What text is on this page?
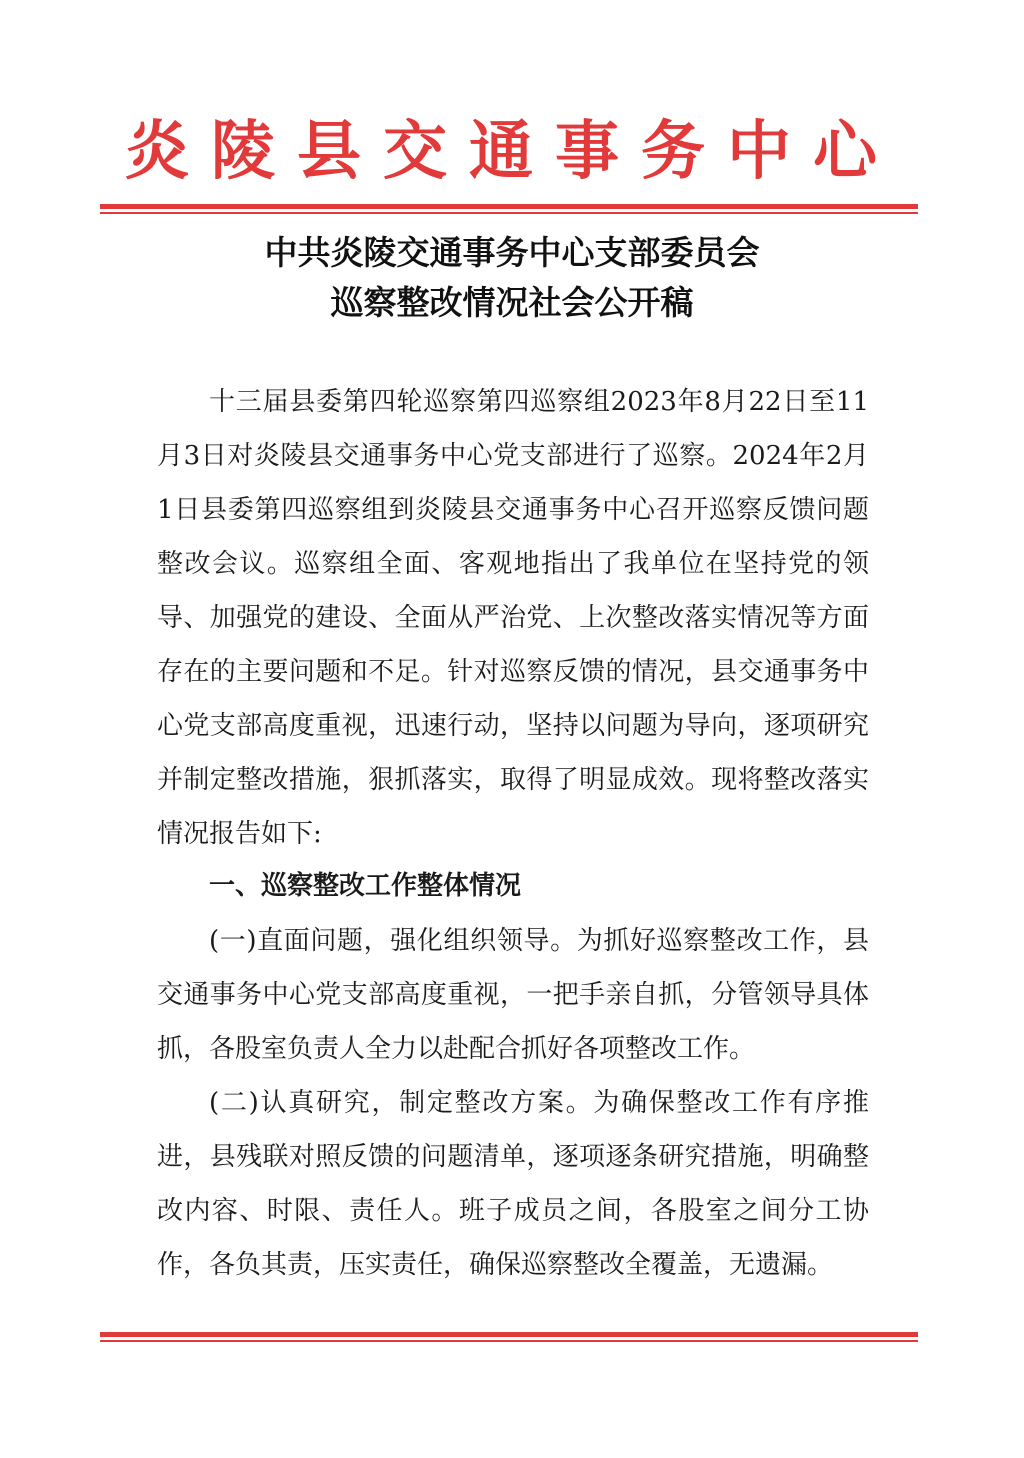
炎陵县交通事务中心
中共炎陵交通事务中心支部委员会
巡察整改情况社会公开稿

十三届县委第四轮巡察第四巡察组2023年8月22日至11月3日对炎陵县交通事务中心党支部进行了巡察。2024年2月1日县委第四巡察组到炎陵县交通事务中心召开巡察反馈问题整改会议。巡察组全面、客观地指出了我单位在坚持党的领导、加强党的建设、全面从严治党、上次整改落实情况等方面存在的主要问题和不足。针对巡察反馈的情况，县交通事务中心党支部高度重视，迅速行动，坚持以问题为导向，逐项研究并制定整改措施，狠抓落实，取得了明显成效。现将整改落实情况报告如下:

一、巡察整改工作整体情况

(一)直面问题，强化组织领导。为抓好巡察整改工作，县交通事务中心党支部高度重视，一把手亲自抓，分管领导具体抓，各股室负责人全力以赴配合抓好各项整改工作。

(二)认真研究，制定整改方案。为确保整改工作有序推进，县残联对照反馈的问题清单，逐项逐条研究措施，明确整改内容、时限、责任人。班子成员之间，各股室之间分工协作，各负其责，压实责任，确保巡察整改全覆盖，无遗漏。
